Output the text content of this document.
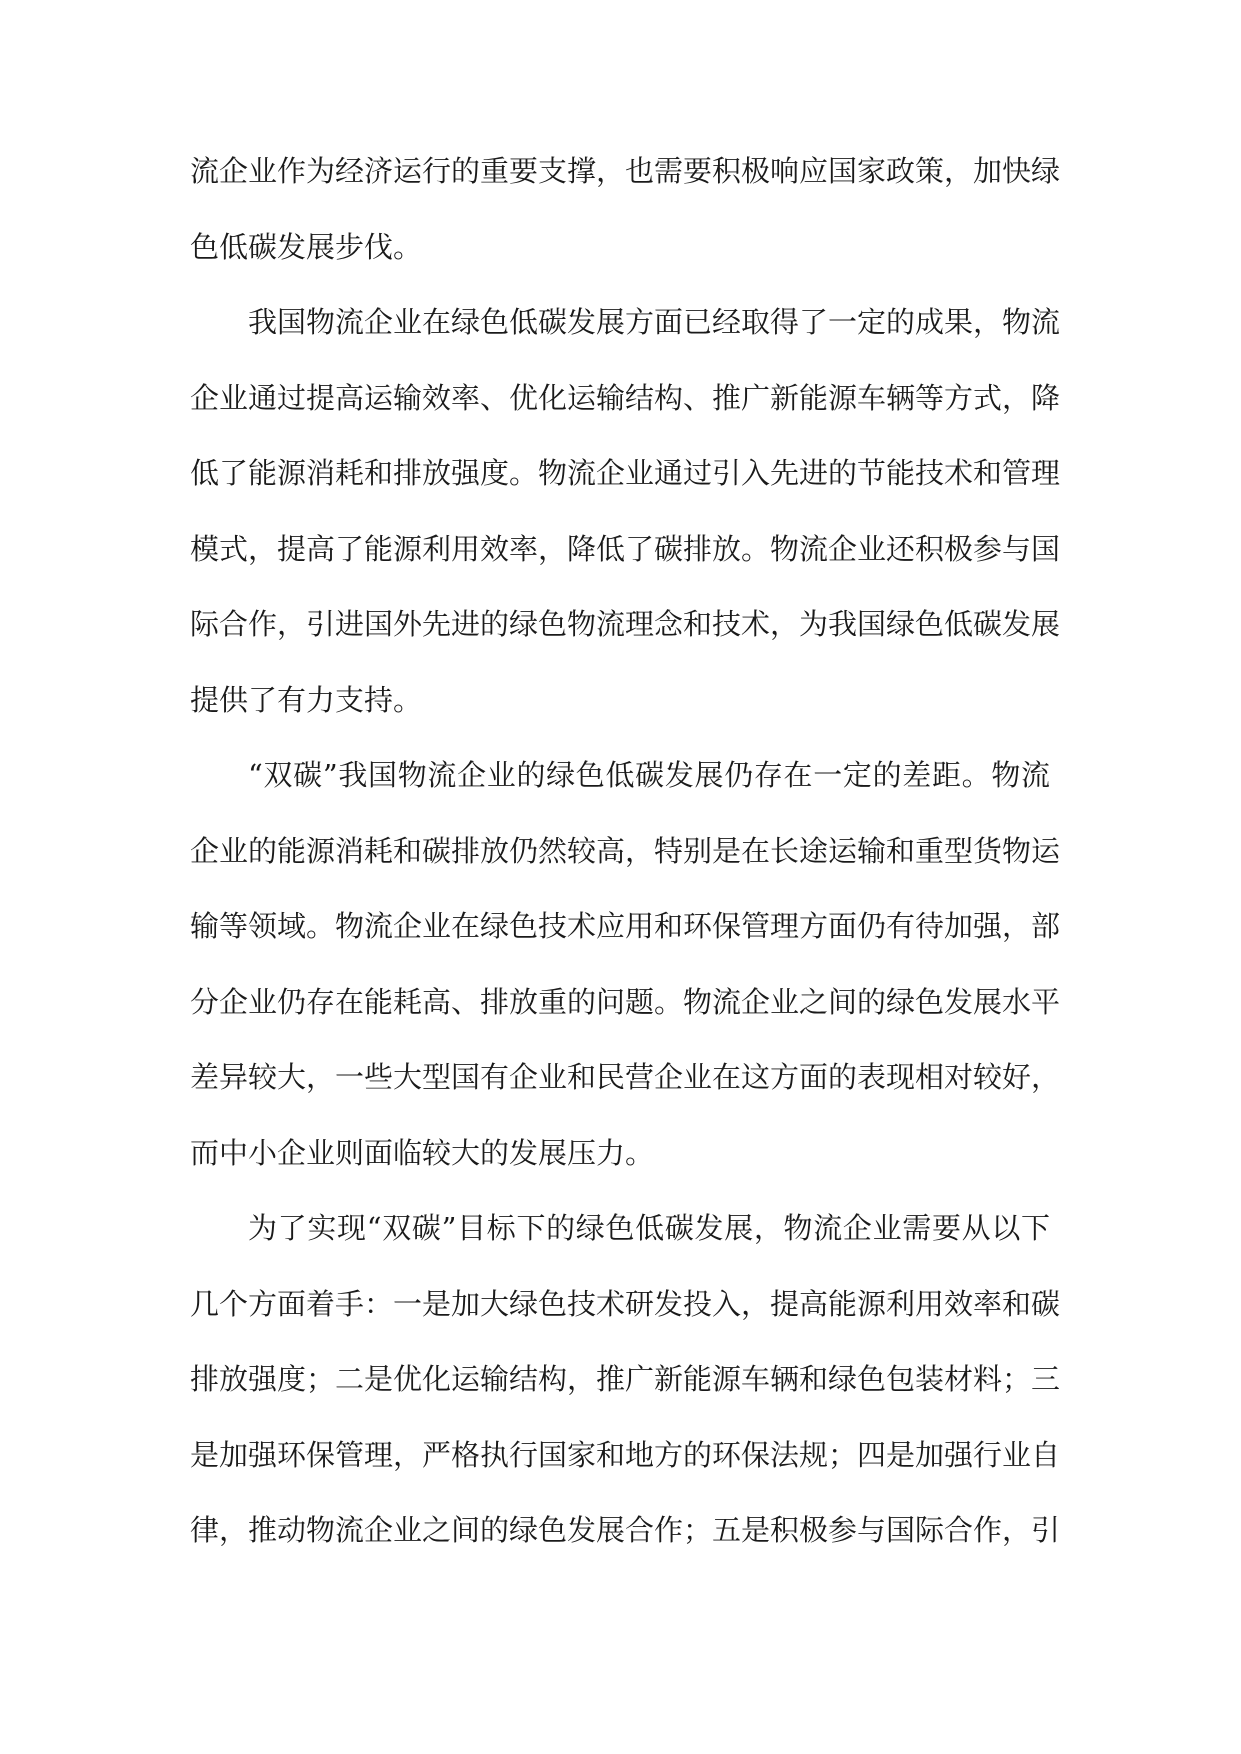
流企业作为经济运行的重要支撑，也需要积极响应国家政策，加快绿
色低碳发展步伐。
我国物流企业在绿色低碳发展方面已经取得了一定的成果，物流
企业通过提高运输效率、优化运输结构、推广新能源车辆等方式，降
低了能源消耗和排放强度。物流企业通过引入先进的节能技术和管理
模式，提高了能源利用效率，降低了碳排放。物流企业还积极参与国
际合作，引进国外先进的绿色物流理念和技术，为我国绿色低碳发展
提供了有力支持。
“双碳”我国物流企业的绿色低碳发展仍存在一定的差距。物流
企业的能源消耗和碳排放仍然较高，特别是在长途运输和重型货物运
输等领域。物流企业在绿色技术应用和环保管理方面仍有待加强，部
分企业仍存在能耗高、排放重的问题。物流企业之间的绿色发展水平
差异较大，一些大型国有企业和民营企业在这方面的表现相对较好，
而中小企业则面临较大的发展压力。
为了实现“双碳”目标下的绿色低碳发展，物流企业需要从以下
几个方面着手：一是加大绿色技术研发投入，提高能源利用效率和碳
排放强度；二是优化运输结构，推广新能源车辆和绿色包装材料；三
是加强环保管理，严格执行国家和地方的环保法规；四是加强行业自
律，推动物流企业之间的绿色发展合作；五是积极参与国际合作，引
